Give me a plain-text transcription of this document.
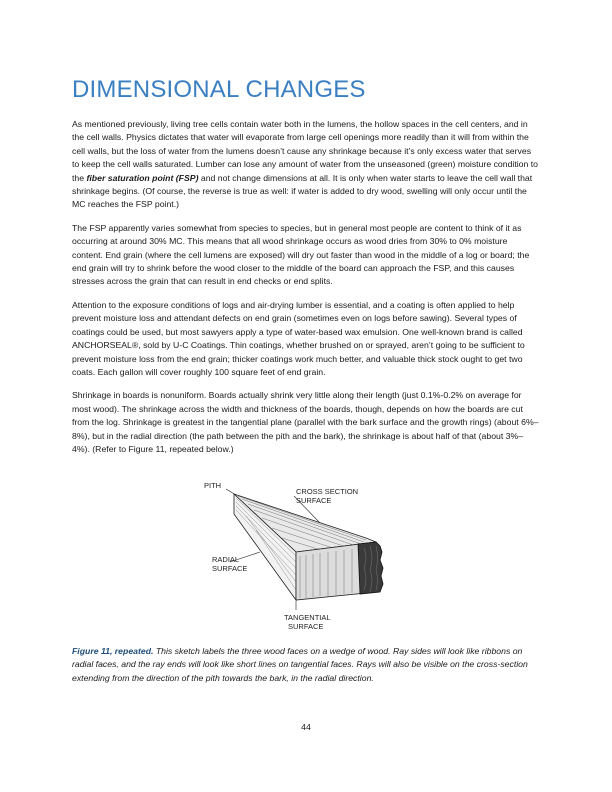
DIMENSIONAL CHANGES

As mentioned previously, living tree cells contain water both in the lumens, the hollow spaces in the cell centers, and in the cell walls. Physics dictates that water will evaporate from large cell openings more readily than it will from within the cell walls, but the loss of water from the lumens doesn’t cause any shrinkage because it’s only excess water that serves to keep the cell walls saturated. Lumber can lose any amount of water from the unseasoned (green) moisture condition to the fiber saturation point (FSP) and not change dimensions at all. It is only when water starts to leave the cell wall that shrinkage begins. (Of course, the reverse is true as well: if water is added to dry wood, swelling will only occur until the MC reaches the FSP point.)

The FSP apparently varies somewhat from species to species, but in general most people are content to think of it as occurring at around 30% MC. This means that all wood shrinkage occurs as wood dries from 30% to 0% moisture content. End grain (where the cell lumens are exposed) will dry out faster than wood in the middle of a log or board; the end grain will try to shrink before the wood closer to the middle of the board can approach the FSP, and this causes stresses across the grain that can result in end checks or end splits.

Attention to the exposure conditions of logs and air-drying lumber is essential, and a coating is often applied to help prevent moisture loss and attendant defects on end grain (sometimes even on logs before sawing). Several types of coatings could be used, but most sawyers apply a type of water-based wax emulsion. One well-known brand is called ANCHORSEAL®, sold by U-C Coatings. Thin coatings, whether brushed on or sprayed, aren’t going to be sufficient to prevent moisture loss from the end grain; thicker coatings work much better, and valuable thick stock ought to get two coats. Each gallon will cover roughly 100 square feet of end grain.

Shrinkage in boards is nonuniform. Boards actually shrink very little along their length (just 0.1%-0.2% on average for most wood). The shrinkage across the width and thickness of the boards, though, depends on how the boards are cut from the log. Shrinkage is greatest in the tangential plane (parallel with the bark surface and the growth rings) (about 6%–8%), but in the radial direction (the path between the pith and the bark), the shrinkage is about half of that (about 3%–4%). (Refer to Figure 11, repeated below.)

PITH
CROSS SECTION
SURFACE
RADIAL
SURFACE
TANGENTIAL
SURFACE
Figure 11, repeated. This sketch labels the three wood faces on a wedge of wood. Ray sides will look like ribbons on radial faces, and the ray ends will look like short lines on tangential faces. Rays will also be visible on the cross-section extending from the direction of the pith towards the bark, in the radial direction.
44
